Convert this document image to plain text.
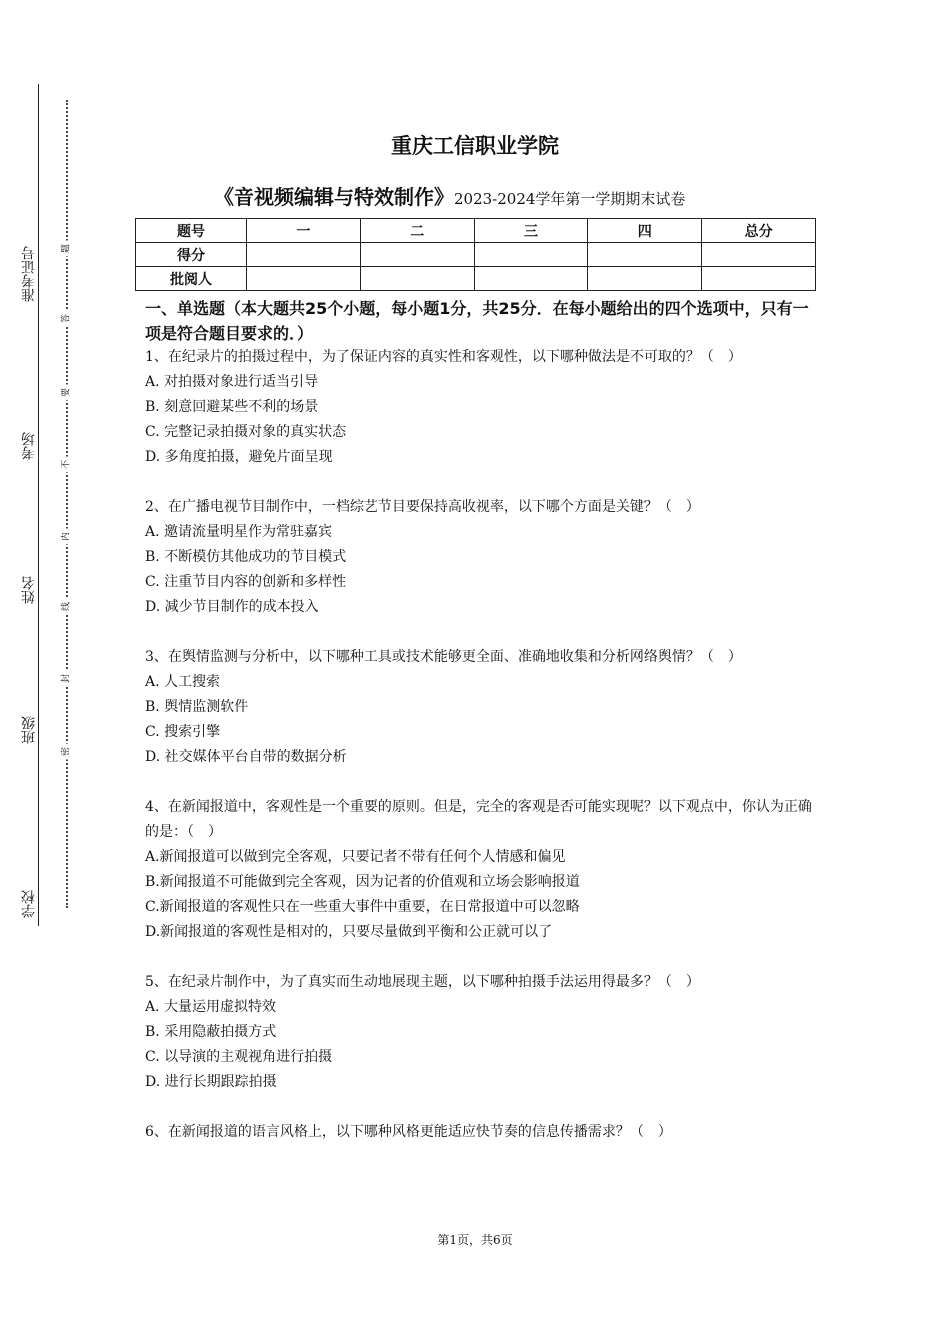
准考证号
考场
姓名
班级
学校
题
答
要
不
内
线
封
密
重庆工信职业学院
《音视频编辑与特效制作》2023-2024学年第一学期期末试卷
题号	一	二	三	四	总分
得分					
批阅人					
一、单选题（本大题共25个小题，每小题1分，共25分．在每小题给出的四个选项中，只有一项是符合题目要求的．）

1、在纪录片的拍摄过程中，为了保证内容的真实性和客观性，以下哪种做法是不可取的？（　）

A. 对拍摄对象进行适当引导

B. 刻意回避某些不利的场景

C. 完整记录拍摄对象的真实状态

D. 多角度拍摄，避免片面呈现

2、在广播电视节目制作中，一档综艺节目要保持高收视率，以下哪个方面是关键？（　）

A. 邀请流量明星作为常驻嘉宾

B. 不断模仿其他成功的节目模式

C. 注重节目内容的创新和多样性

D. 减少节目制作的成本投入

3、在舆情监测与分析中，以下哪种工具或技术能够更全面、准确地收集和分析网络舆情？（　）

A. 人工搜索

B. 舆情监测软件

C. 搜索引擎

D. 社交媒体平台自带的数据分析

4、在新闻报道中，客观性是一个重要的原则。但是，完全的客观是否可能实现呢？以下观点中，你认为正确的是：（　）

A.新闻报道可以做到完全客观，只要记者不带有任何个人情感和偏见

B.新闻报道不可能做到完全客观，因为记者的价值观和立场会影响报道

C.新闻报道的客观性只在一些重大事件中重要，在日常报道中可以忽略

D.新闻报道的客观性是相对的，只要尽量做到平衡和公正就可以了

5、在纪录片制作中，为了真实而生动地展现主题，以下哪种拍摄手法运用得最多？（　）

A. 大量运用虚拟特效

B. 采用隐蔽拍摄方式

C. 以导演的主观视角进行拍摄

D. 进行长期跟踪拍摄

6、在新闻报道的语言风格上，以下哪种风格更能适应快节奏的信息传播需求？（　）

第1页，共6页
